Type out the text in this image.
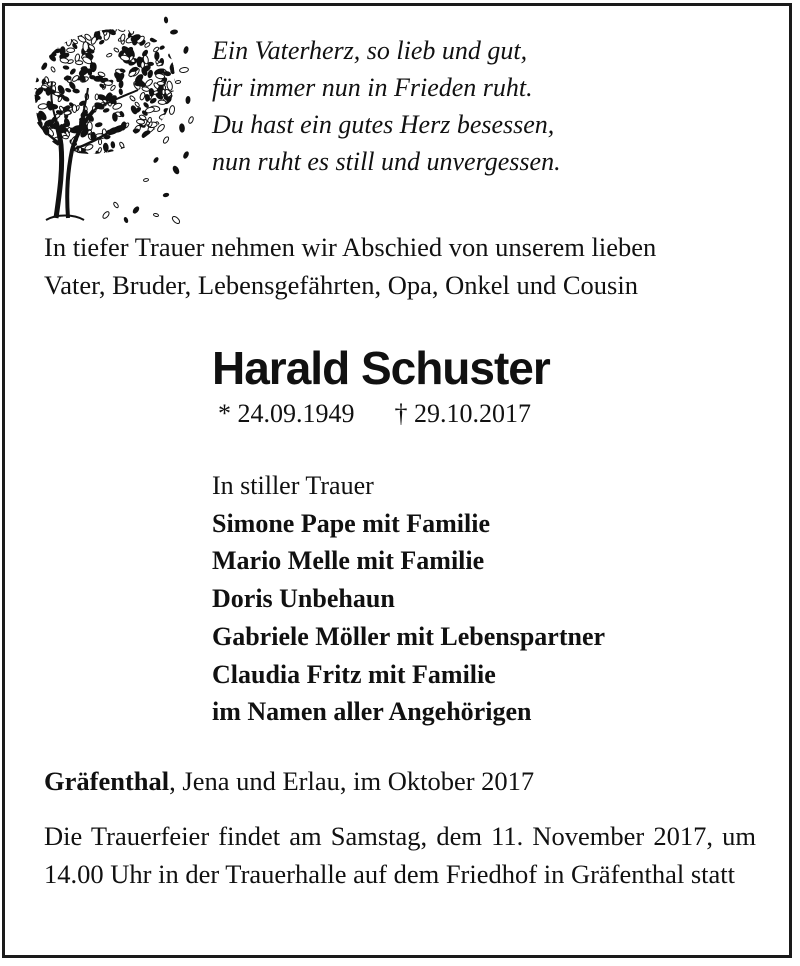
Ein Vaterherz, so lieb und gut,
für immer nun in Frieden ruht.
Du hast ein gutes Herz besessen,
nun ruht es still und unvergessen.
In tiefer Trauer nehmen wir Abschied von unserem lieben
Vater, Bruder, Lebensgefährten, Opa, Onkel und Cousin
Harald Schuster
* 24.09.1949 † 29.10.2017
In stiller Trauer
Simone Pape mit Familie
Mario Melle mit Familie
Doris Unbehaun
Gabriele Möller mit Lebenspartner
Claudia Fritz mit Familie
im Namen aller Angehörigen
Gräfenthal, Jena und Erlau, im Oktober 2017
Die Trauerfeier findet am Samstag, dem 11. November 2017, um 14.00 Uhr in der Trauerhalle auf dem Friedhof in Gräfenthal statt
